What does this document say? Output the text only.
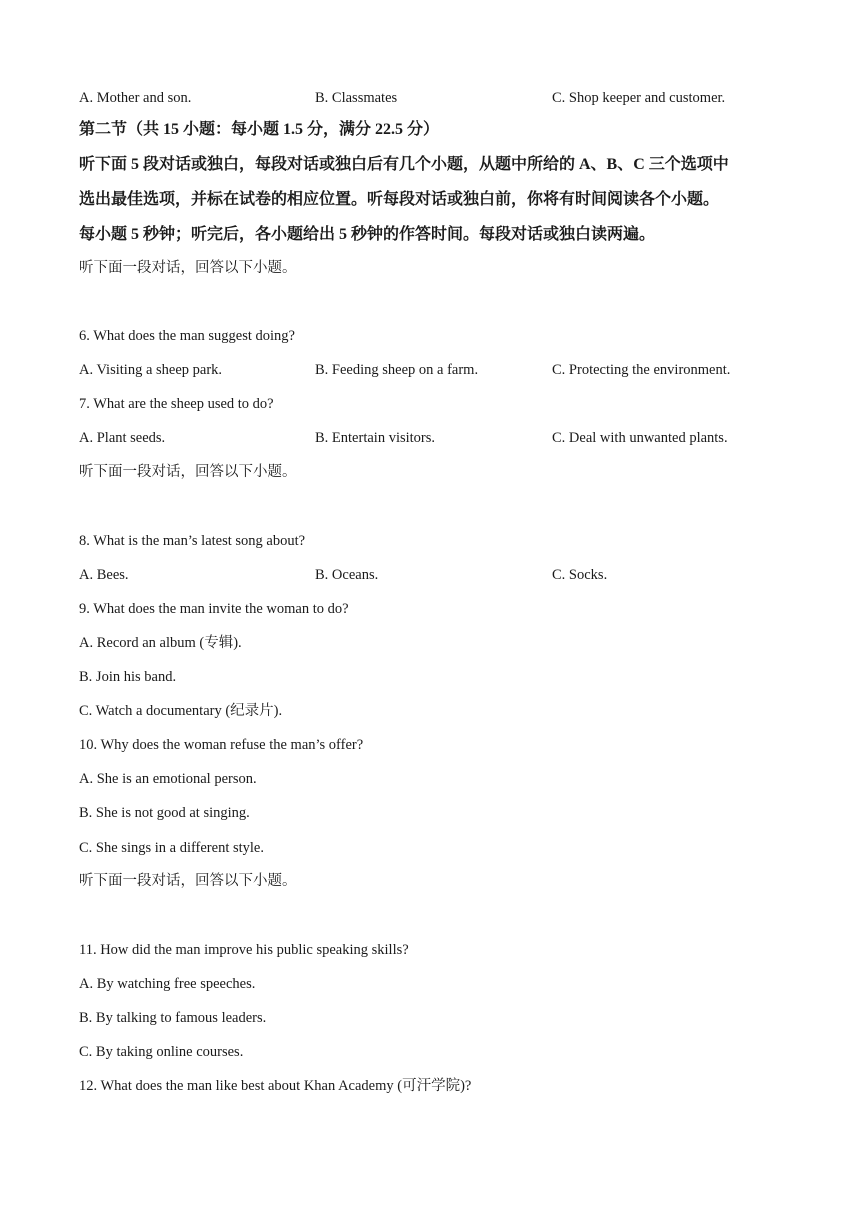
A. Mother and son.	B. Classmates	C. Shop keeper and customer.
第二节（共 15 小题：每小题 1.5 分，满分 22.5 分）
听下面 5 段对话或独白，每段对话或独白后有几个小题，从题中所给的 A、B、C 三个选项中
选出最佳选项，并标在试卷的相应位置。听每段对话或独白前，你将有时间阅读各个小题。
每小题 5 秒钟；听完后，各小题给出 5 秒钟的作答时间。每段对话或独白读两遍。
听下面一段对话，回答以下小题。
6. What does the man suggest doing?
A. Visiting a sheep park.	B. Feeding sheep on a farm.	C. Protecting the environment.
7. What are the sheep used to do?
A. Plant seeds.	B. Entertain visitors.	C. Deal with unwanted plants.
听下面一段对话，回答以下小题。
8. What is the man’s latest song about?
A. Bees.	B. Oceans.	C. Socks.
9. What does the man invite the woman to do?
A. Record an album (专辑).
B. Join his band.
C. Watch a documentary (纪录片).
10. Why does the woman refuse the man’s offer?
A. She is an emotional person.
B. She is not good at singing.
C. She sings in a different style.
听下面一段对话，回答以下小题。
11. How did the man improve his public speaking skills?
A. By watching free speeches.
B. By talking to famous leaders.
C. By taking online courses.
12. What does the man like best about Khan Academy (可汗学院)?
